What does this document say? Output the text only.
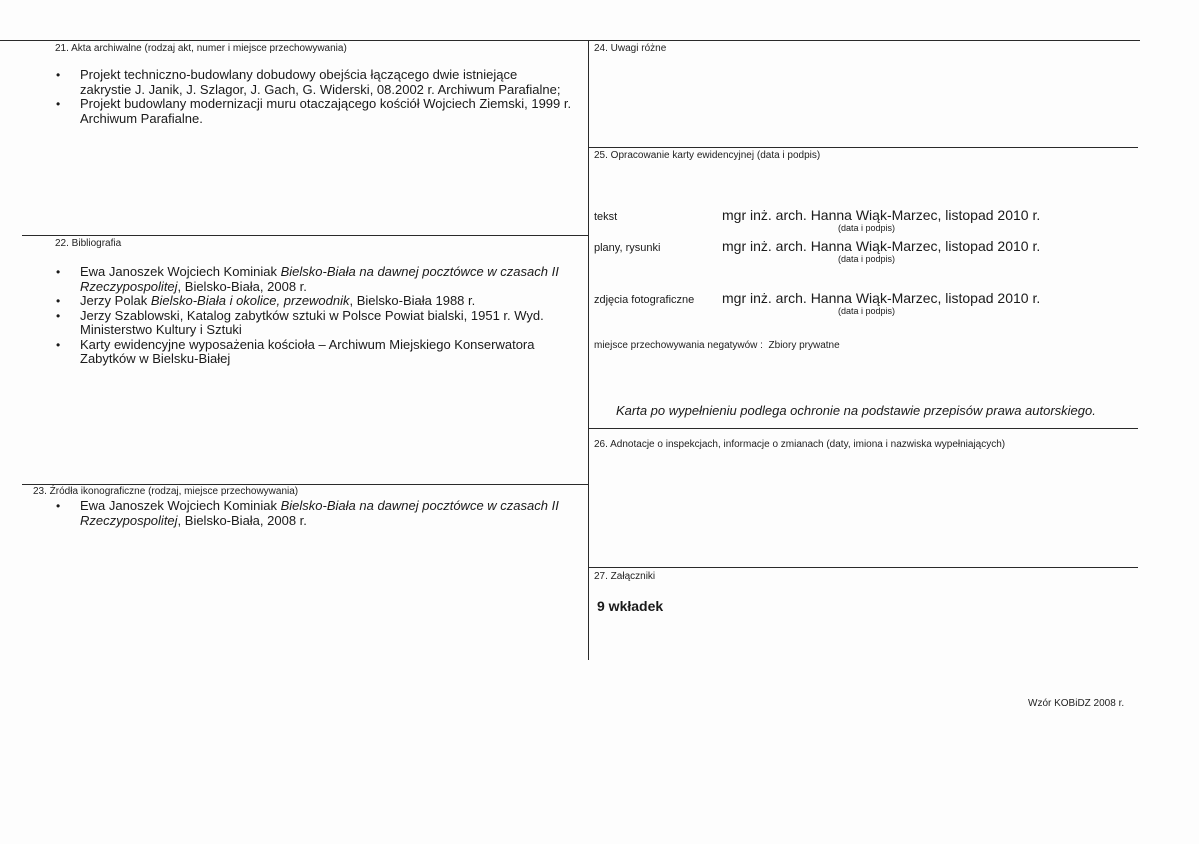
21. Akta archiwalne (rodzaj akt, numer i miejsce przechowywania)
• Projekt techniczno-budowlany dobudowy obejścia łączącego dwie istniejące zakrystie J. Janik, J. Szlagor, J. Gach, G. Widerski, 08.2002 r. Archiwum Parafialne;
• Projekt budowlany modernizacji muru otaczającego kościół Wojciech Ziemski, 1999 r. Archiwum Parafialne.
22. Bibliografia
• Ewa Janoszek Wojciech Kominiak Bielsko-Biała na dawnej pocztówce w czasach II Rzeczypospolitej, Bielsko-Biała, 2008 r.
• Jerzy Polak Bielsko-Biała i okolice, przewodnik, Bielsko-Biała 1988 r.
• Jerzy Szablowski, Katalog zabytków sztuki w Polsce Powiat bialski, 1951 r. Wyd. Ministerstwo Kultury i Sztuki
• Karty ewidencyjne wyposażenia kościoła – Archiwum Miejskiego Konserwatora Zabytków w Bielsku-Białej
23. Źródła ikonograficzne (rodzaj, miejsce przechowywania)
• Ewa Janoszek Wojciech Kominiak Bielsko-Biała na dawnej pocztówce w czasach II Rzeczypospolitej, Bielsko-Biała, 2008 r.
24. Uwagi różne
25. Opracowanie karty ewidencyjnej (data i podpis)
tekst	mgr inż. arch. Hanna Wiąk-Marzec, listopad 2010 r.
(data i podpis)
plany, rysunki	mgr inż. arch. Hanna Wiąk-Marzec, listopad 2010 r.
(data i podpis)
zdjęcia fotograficzne mgr inż. arch. Hanna Wiąk-Marzec, listopad 2010 r.
(data i podpis)
miejsce przechowywania negatywów : Zbiory prywatne
Karta po wypełnieniu podlega ochronie na podstawie przepisów prawa autorskiego.
26. Adnotacje o inspekcjach, informacje o zmianach (daty, imiona i nazwiska wypełniających)
27. Załączniki
9 wkładek
Wzór KOBiDZ 2008 r.
